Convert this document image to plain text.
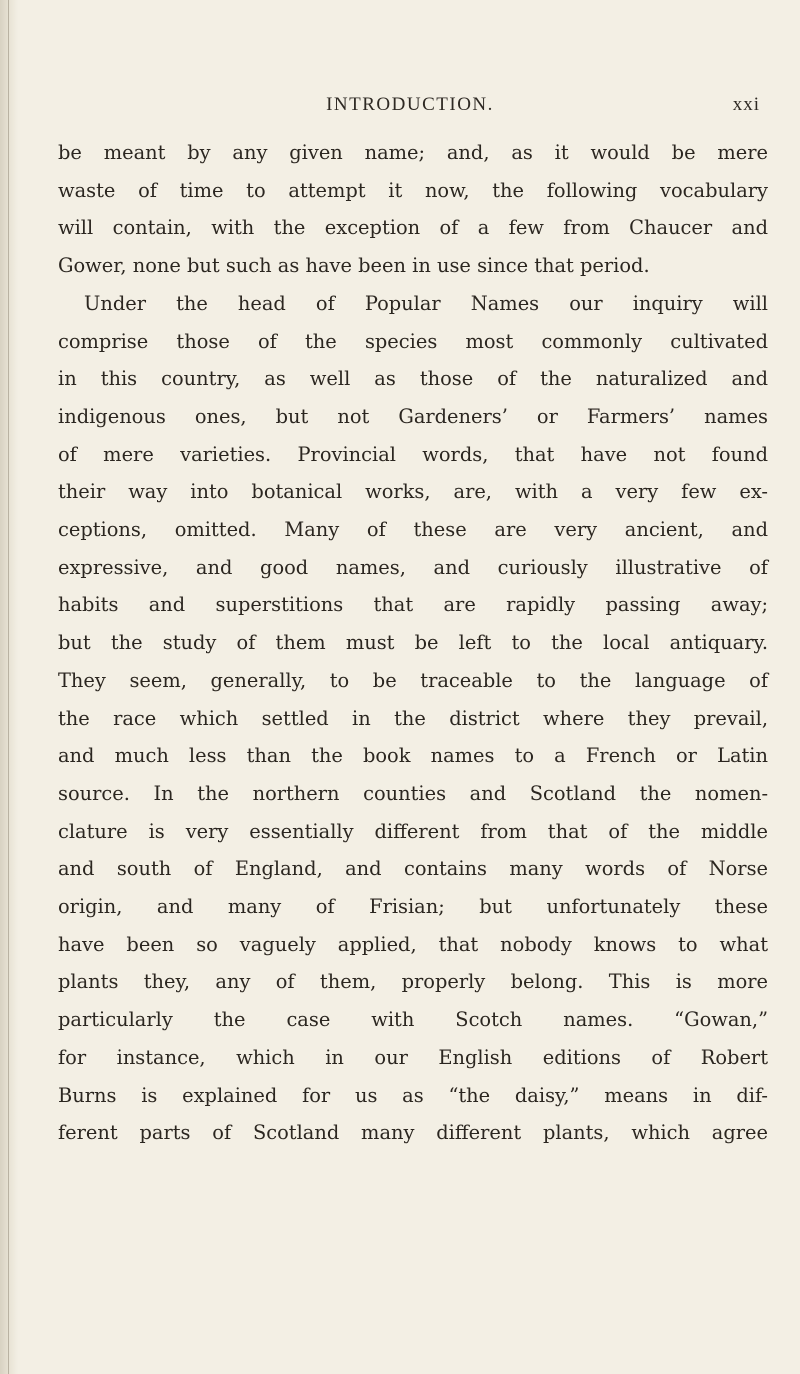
INTRODUCTION.	xxi
be meant by any given name; and, as it would be mere
waste of time to attempt it now, the following vocabulary
will contain, with the exception of a few from Chaucer and
Gower, none but such as have been in use since that period.
Under the head of Popular Names our inquiry will
comprise those of the species most commonly cultivated
in this country, as well as those of the naturalized and
indigenous ones, but not Gardeners’ or Farmers’ names
of mere varieties. Provincial words, that have not found
their way into botanical works, are, with a very few ex-
ceptions, omitted. Many of these are very ancient, and
expressive, and good names, and curiously illustrative of
habits and superstitions that are rapidly passing away;
but the study of them must be left to the local antiquary.
They seem, generally, to be traceable to the language of
the race which settled in the district where they prevail,
and much less than the book names to a French or Latin
source. In the northern counties and Scotland the nomen-
clature is very essentially different from that of the middle
and south of England, and contains many words of Norse
origin, and many of Frisian; but unfortunately these
have been so vaguely applied, that nobody knows to what
plants they, any of them, properly belong. This is more
particularly the case with Scotch names. “Gowan,”
for instance, which in our English editions of Robert
Burns is explained for us as “the daisy,” means in dif-
ferent parts of Scotland many different plants, which agree
